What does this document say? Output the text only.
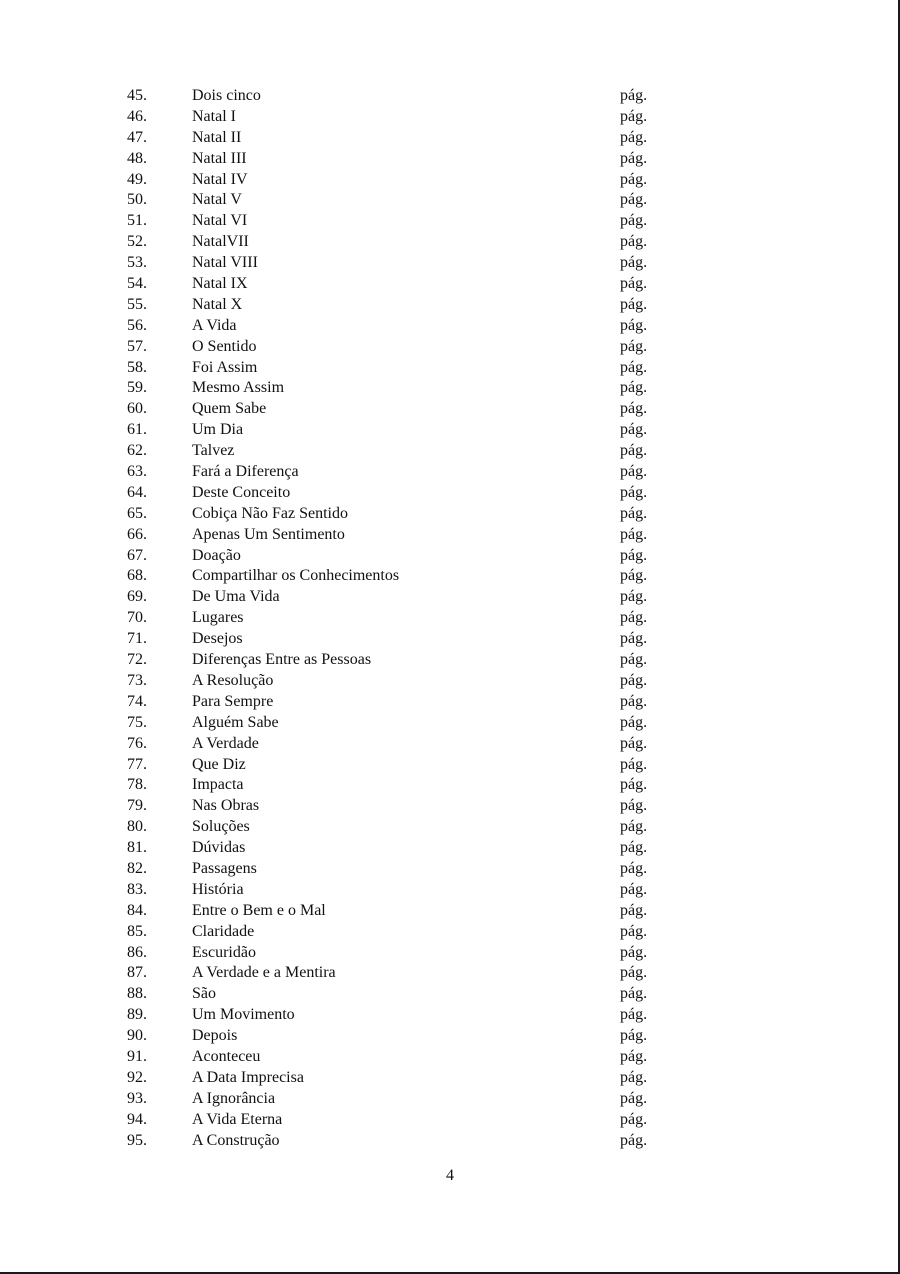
45.	Dois cinco	pág.
46.	Natal I	pág.
47.	Natal II	pág.
48.	Natal III	pág.
49.	Natal IV	pág.
50.	Natal V	pág.
51.	Natal VI	pág.
52.	NatalVII	pág.
53.	Natal VIII	pág.
54.	Natal IX	pág.
55.	Natal X	pág.
56.	A Vida	pág.
57.	O Sentido	pág.
58.	Foi Assim	pág.
59.	Mesmo Assim	pág.
60.	Quem Sabe	pág.
61.	Um Dia	pág.
62.	Talvez	pág.
63.	Fará a Diferença	pág.
64.	Deste Conceito	pág.
65.	Cobiça Não Faz Sentido	pág.
66.	Apenas Um Sentimento	pág.
67.	Doação	pág.
68.	Compartilhar os Conhecimentos	pág.
69.	De Uma Vida	pág.
70.	Lugares	pág.
71.	Desejos	pág.
72.	Diferenças Entre as Pessoas	pág.
73.	A Resolução	pág.
74.	Para Sempre	pág.
75.	Alguém Sabe	pág.
76.	A Verdade	pág.
77.	Que Diz	pág.
78.	Impacta	pág.
79.	Nas Obras	pág.
80.	Soluções	pág.
81.	Dúvidas	pág.
82.	Passagens	pág.
83.	História	pág.
84.	Entre o Bem e o Mal	pág.
85.	Claridade	pág.
86.	Escuridão	pág.
87.	A Verdade e a Mentira	pág.
88.	São	pág.
89.	Um Movimento	pág.
90.	Depois	pág.
91.	Aconteceu	pág.
92.	A Data Imprecisa	pág.
93.	A Ignorância	pág.
94.	A Vida Eterna	pág.
95.	A Construção	pág.
4
